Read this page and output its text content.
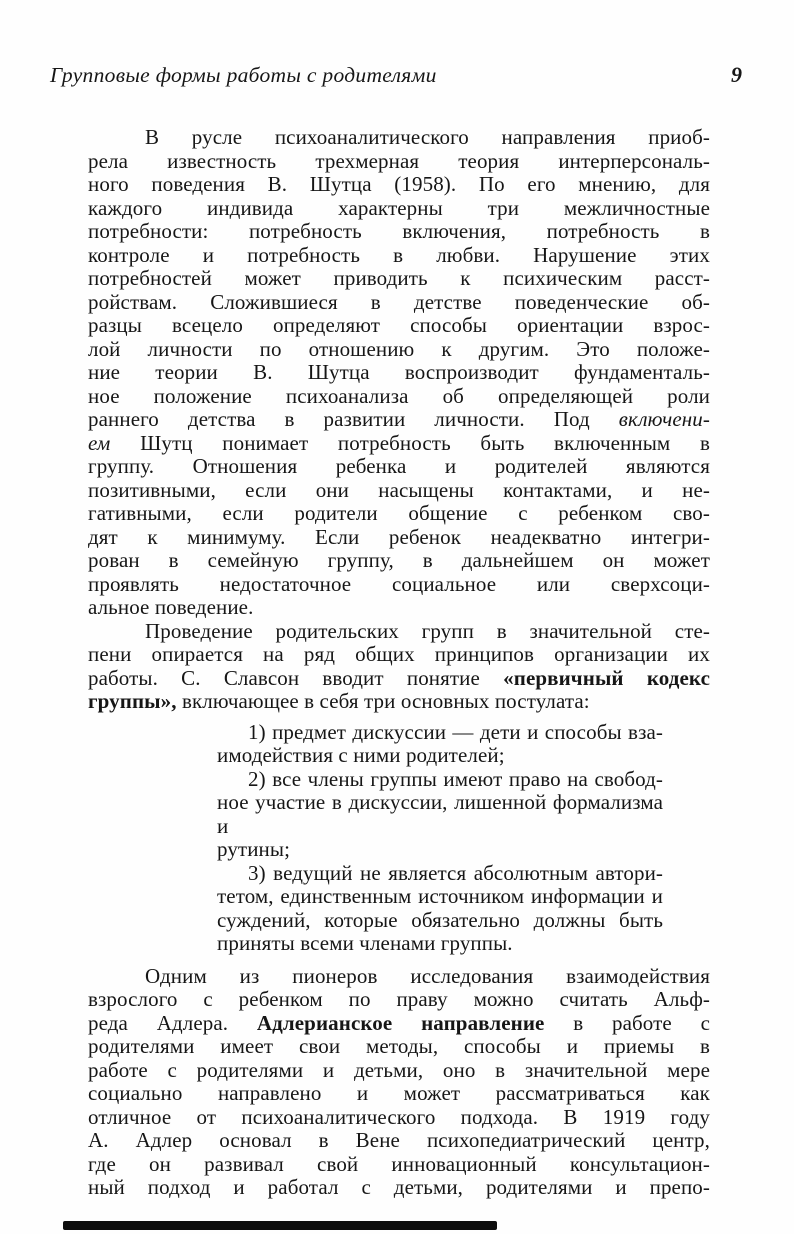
Групповые формы работы с родителями	9
В русле психоаналитического направления приоб-
рела известность трехмерная теория интерперсональ-
ного поведения В. Шутца (1958). По его мнению, для
каждого индивида характерны три межличностные
потребности: потребность включения, потребность в
контроле и потребность в любви. Нарушение этих
потребностей может приводить к психическим расст-
ройствам. Сложившиеся в детстве поведенческие об-
разцы всецело определяют способы ориентации взрос-
лой личности по отношению к другим. Это положе-
ние теории В. Шутца воспроизводит фундаменталь-
ное положение психоанализа об определяющей роли
раннего детства в развитии личности. Под включени-
ем Шутц понимает потребность быть включенным в
группу. Отношения ребенка и родителей являются
позитивными, если они насыщены контактами, и не-
гативными, если родители общение с ребенком сво-
дят к минимуму. Если ребенок неадекватно интегри-
рован в семейную группу, в дальнейшем он может
проявлять недостаточное социальное или сверхсоци-
альное поведение.
Проведение родительских групп в значительной сте-
пени опирается на ряд общих принципов организации их
работы. С. Славсон вводит понятие «первичный кодекс
группы», включающее в себя три основных постулата:
1) предмет дискуссии — дети и способы вза-
имодействия с ними родителей;
2) все члены группы имеют право на свобод-
ное участие в дискуссии, лишенной формализма и
рутины;
3) ведущий не является абсолютным автори-
тетом, единственным источником информации и
суждений, которые обязательно должны быть
приняты всеми членами группы.
Одним из пионеров исследования взаимодействия
взрослого с ребенком по праву можно считать Альф-
реда Адлера. Адлерианское направление в работе с
родителями имеет свои методы, способы и приемы в
работе с родителями и детьми, оно в значительной мере
социально направлено и может рассматриваться как
отличное от психоаналитического подхода. В 1919 году
А. Адлер основал в Вене психопедиатрический центр,
где он развивал свой инновационный консультацион-
ный подход и работал с детьми, родителями и препо-
